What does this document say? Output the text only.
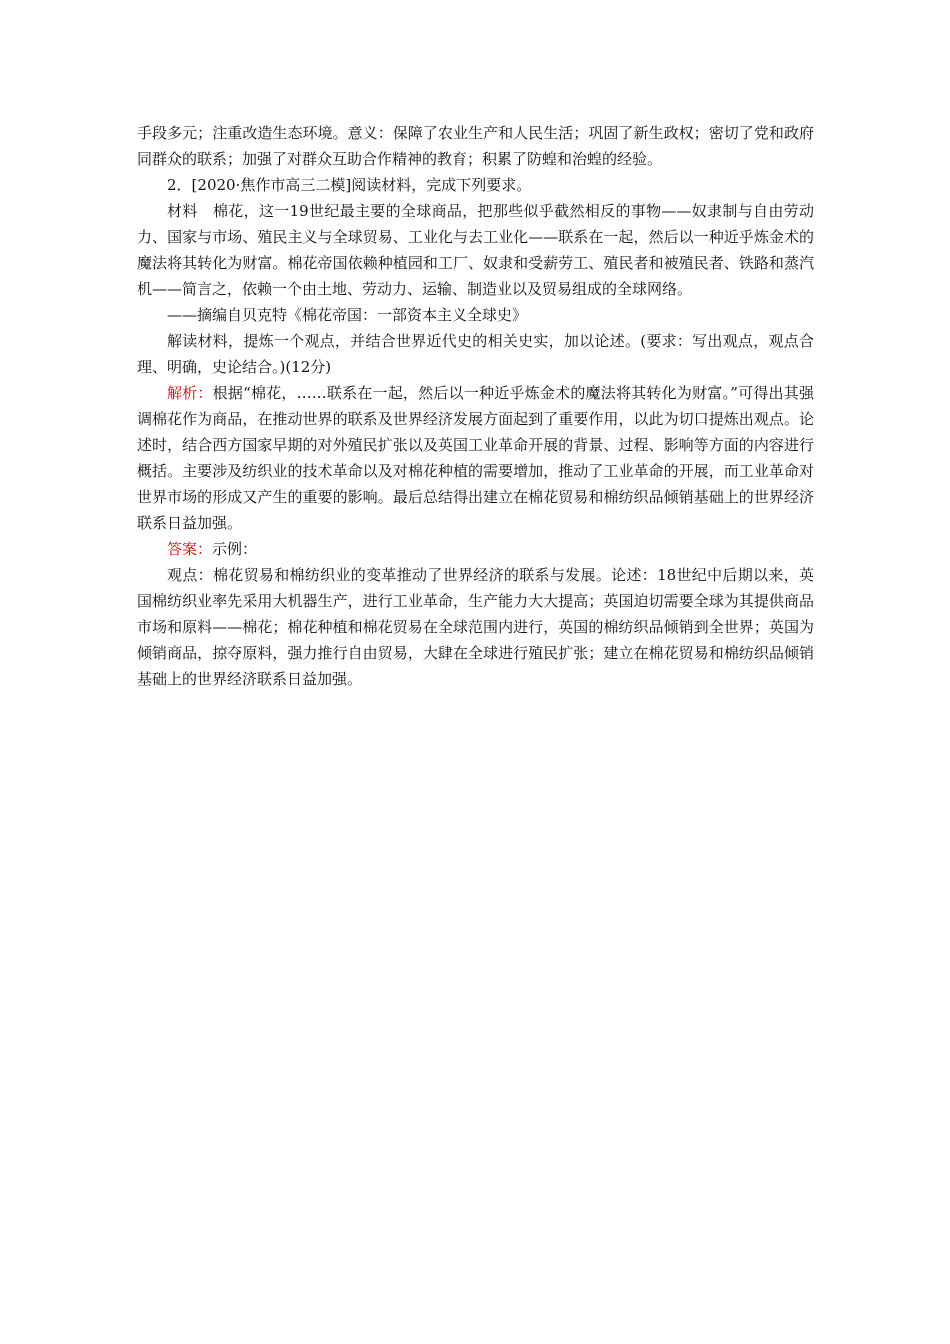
手段多元；注重改造生态环境。意义：保障了农业生产和人民生活；巩固了新生政权；密切了党和政府同群众的联系；加强了对群众互助合作精神的教育；积累了防蝗和治蝗的经验。

2．[2020·焦作市高三二模]阅读材料，完成下列要求。

材料　 棉花，这一19世纪最主要的全球商品，把那些似乎截然相反的事物——奴隶制与自由劳动力、国家与市场、殖民主义与全球贸易、工业化与去工业化——联系在一起，然后以一种近乎炼金术的魔法将其转化为财富。棉花帝国依赖种植园和工厂、奴隶和受薪劳工、殖民者和被殖民者、铁路和蒸汽机——简言之，依赖一个由土地、劳动力、运输、制造业以及贸易组成的全球网络。

——摘编自贝克特《棉花帝国：一部资本主义全球史》

解读材料，提炼一个观点，并结合世界近代史的相关史实，加以论述。(要求：写出观点，观点合理、明确，史论结合。)(12分)

解析：根据“棉花，……联系在一起，然后以一种近乎炼金术的魔法将其转化为财富。”可得出其强调棉花作为商品，在推动世界的联系及世界经济发展方面起到了重要作用，以此为切口提炼出观点。论述时，结合西方国家早期的对外殖民扩张以及英国工业革命开展的背景、过程、影响等方面的内容进行概括。主要涉及纺织业的技术革命以及对棉花种植的需要增加，推动了工业革命的开展，而工业革命对世界市场的形成又产生的重要的影响。最后总结得出建立在棉花贸易和棉纺织品倾销基础上的世界经济联系日益加强。

答案：示例：

观点：棉花贸易和棉纺织业的变革推动了世界经济的联系与发展。论述：18世纪中后期以来，英国棉纺织业率先采用大机器生产，进行工业革命，生产能力大大提高；英国迫切需要全球为其提供商品市场和原料——棉花；棉花种植和棉花贸易在全球范围内进行，英国的棉纺织品倾销到全世界；英国为倾销商品，掠夺原料，强力推行自由贸易，大肆在全球进行殖民扩张；建立在棉花贸易和棉纺织品倾销基础上的世界经济联系日益加强。
